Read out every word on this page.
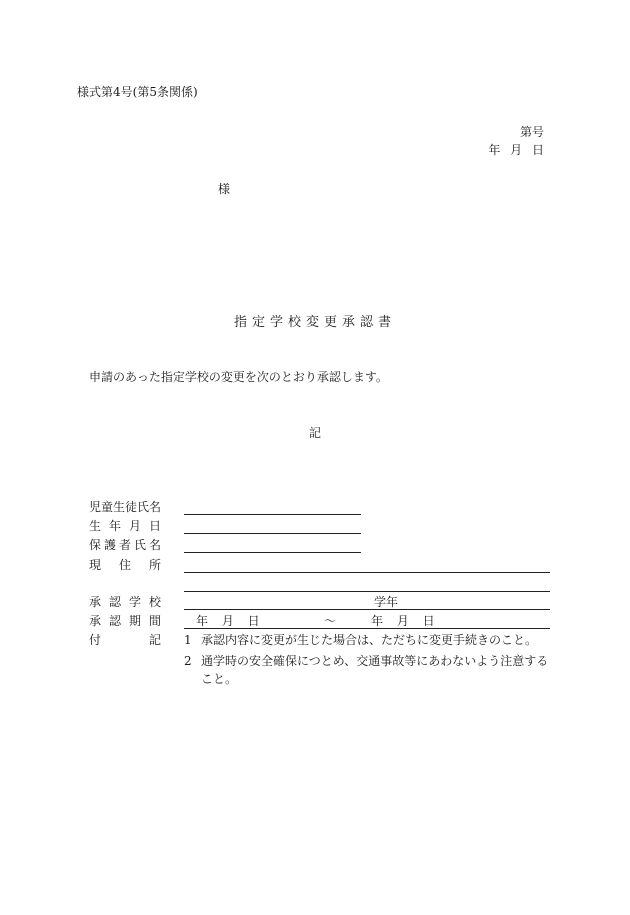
様式第4号(第5条関係)
第号
年 月 日
様
指定学校変更承認書
申請のあった指定学校の変更を次のとおり承認します。
記
児童生徒氏名
生年月日
保護者氏名
現住所
承認学校	学年
承認期間	年 月 日	～	年 月 日
付記 1 承認内容に変更が生じた場合は、ただちに変更手続きのこと。
2 通学時の安全確保につとめ、交通事故等にあわないよう注意すること。
